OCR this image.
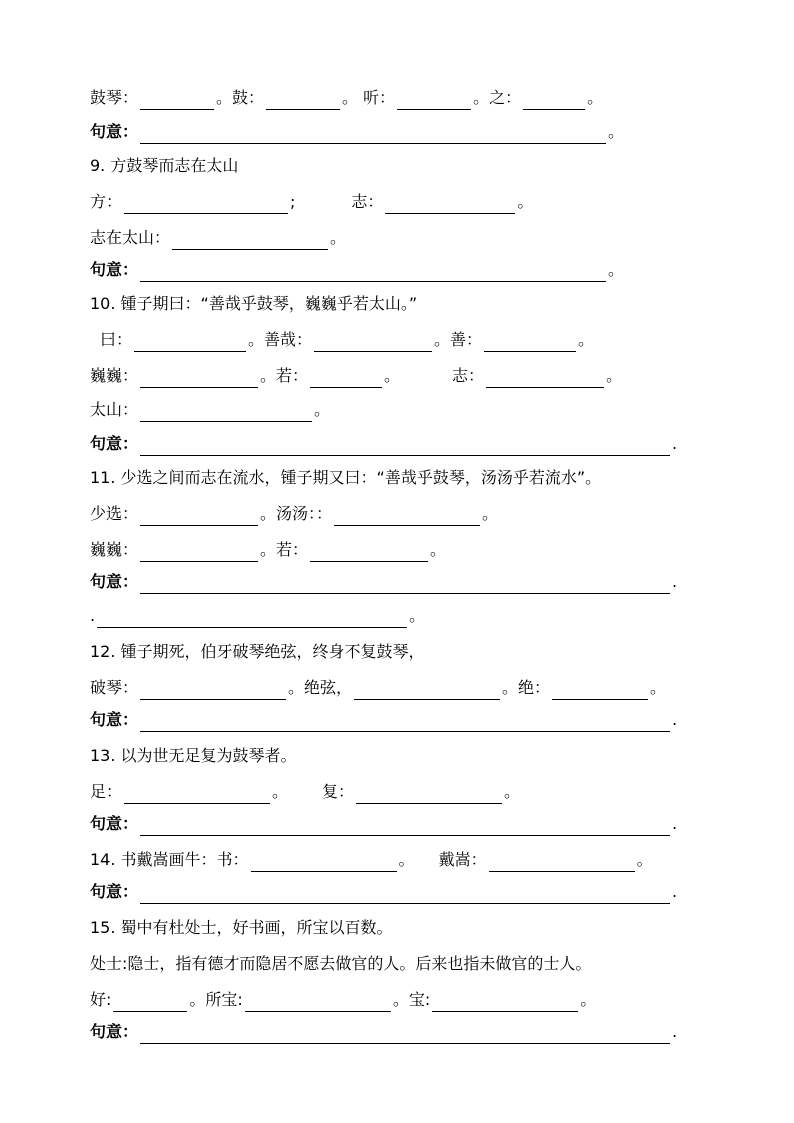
鼓琴：	。鼓：	。 听：	。之：	。
句意：	。
9. 方鼓琴而志在太山
方：	;	志：	。
志在太山：	。
句意：	。
10. 锺子期曰：“善哉乎鼓琴，巍巍乎若太山。”
曰：	。善哉：	。善：	。
巍巍：	。若：	。	志：	。
太山：	。
句意：	.
11. 少选之间而志在流水，锺子期又曰：“善哉乎鼓琴，汤汤乎若流水”。
少选：	。汤汤：：	。
巍巍：	。若：	。
句意：	.
.	。
12. 锺子期死，伯牙破琴绝弦，终身不复鼓琴，
破琴：	。绝弦，	。绝：	。
句意：	.
13. 以为世无足复为鼓琴者。
足：	。 复：	。
句意：	.
14. 书戴嵩画牛：书：	。 戴嵩：	。
句意：	.
15. 蜀中有杜处士，好书画，所宝以百数。
处士:隐士，指有德才而隐居不愿去做官的人。后来也指未做官的士人。
好:	。所宝:	。宝:	。
句意：	.
